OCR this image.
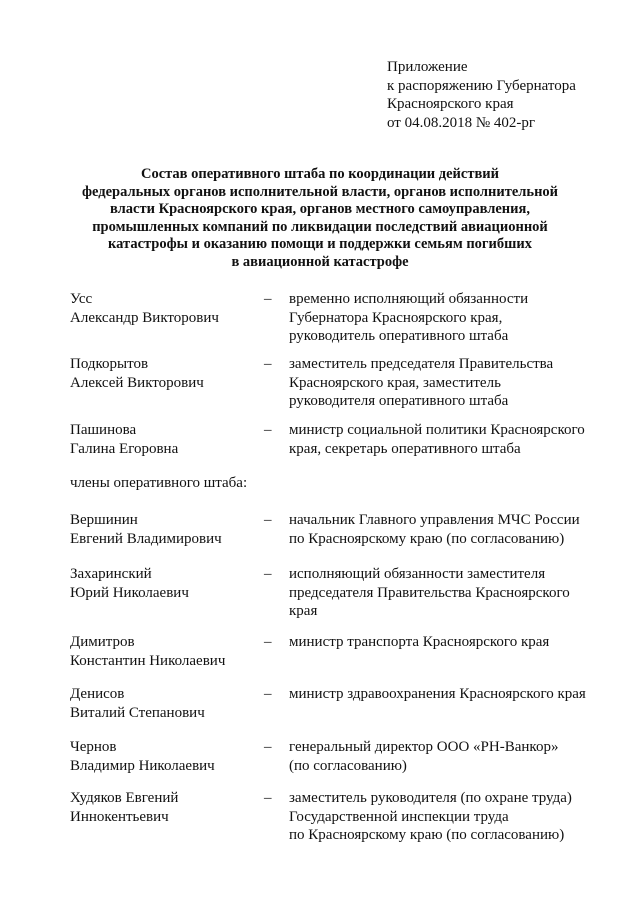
Приложение
к распоряжению Губернатора
Красноярского края
от 04.08.2018 № 402-рг
Состав оперативного штаба по координации действий
федеральных органов исполнительной власти, органов исполнительной
власти Красноярского края, органов местного самоуправления,
промышленных компаний по ликвидации последствий авиационной
катастрофы и оказанию помощи и поддержки семьям погибших
в авиационной катастрофе
Усс
Александр Викторович
– временно исполняющий обязанности
Губернатора Красноярского края,
руководитель оперативного штаба
Подкорытов
Алексей Викторович
– заместитель председателя Правительства
Красноярского края, заместитель
руководителя оперативного штаба
Пашинова
Галина Егоровна
– министр социальной политики Красноярского
края, секретарь оперативного штаба
члены оперативного штаба:
Вершинин
Евгений Владимирович
– начальник Главного управления МЧС России
по Красноярскому краю (по согласованию)
Захаринский
Юрий Николаевич
– исполняющий обязанности заместителя
председателя Правительства Красноярского
края
Димитров
Константин Николаевич
– министр транспорта Красноярского края
Денисов
Виталий Степанович
– министр здравоохранения Красноярского края
Чернов
Владимир Николаевич
– генеральный директор ООО «РН-Ванкор»
(по согласованию)
Худяков Евгений
Иннокентьевич
– заместитель руководителя (по охране труда)
Государственной инспекции труда
по Красноярскому краю (по согласованию)
